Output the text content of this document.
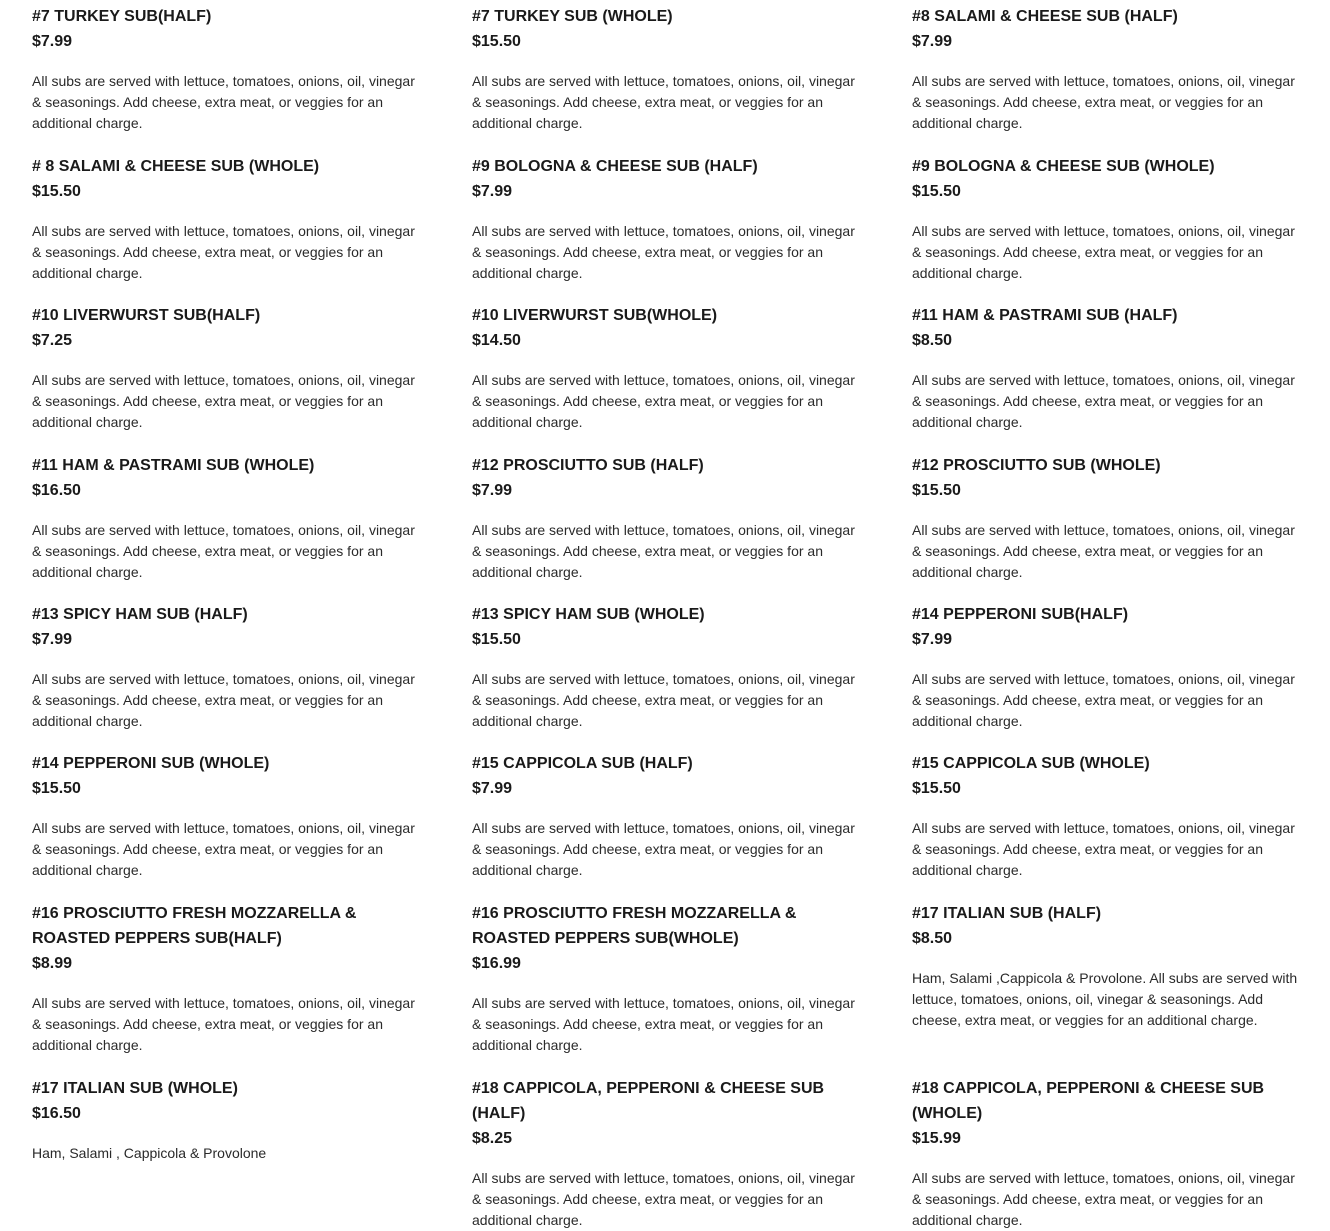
#7 TURKEY SUB(HALF)
$7.99
All subs are served with lettuce, tomatoes, onions, oil, vinegar & seasonings. Add cheese, extra meat, or veggies for an additional charge.
#7 TURKEY SUB (WHOLE)
$15.50
All subs are served with lettuce, tomatoes, onions, oil, vinegar & seasonings. Add cheese, extra meat, or veggies for an additional charge.
#8 SALAMI & CHEESE SUB (HALF)
$7.99
All subs are served with lettuce, tomatoes, onions, oil, vinegar & seasonings. Add cheese, extra meat, or veggies for an additional charge.
# 8 SALAMI & CHEESE SUB (WHOLE)
$15.50
All subs are served with lettuce, tomatoes, onions, oil, vinegar & seasonings. Add cheese, extra meat, or veggies for an additional charge.
#9 BOLOGNA & CHEESE SUB (HALF)
$7.99
All subs are served with lettuce, tomatoes, onions, oil, vinegar & seasonings. Add cheese, extra meat, or veggies for an additional charge.
#9 BOLOGNA & CHEESE SUB (WHOLE)
$15.50
All subs are served with lettuce, tomatoes, onions, oil, vinegar & seasonings. Add cheese, extra meat, or veggies for an additional charge.
#10 LIVERWURST SUB(HALF)
$7.25
All subs are served with lettuce, tomatoes, onions, oil, vinegar & seasonings. Add cheese, extra meat, or veggies for an additional charge.
#10 LIVERWURST SUB(WHOLE)
$14.50
All subs are served with lettuce, tomatoes, onions, oil, vinegar & seasonings. Add cheese, extra meat, or veggies for an additional charge.
#11 HAM & PASTRAMI SUB (HALF)
$8.50
All subs are served with lettuce, tomatoes, onions, oil, vinegar & seasonings. Add cheese, extra meat, or veggies for an additional charge.
#11 HAM & PASTRAMI SUB (WHOLE)
$16.50
All subs are served with lettuce, tomatoes, onions, oil, vinegar & seasonings. Add cheese, extra meat, or veggies for an additional charge.
#12 PROSCIUTTO SUB (HALF)
$7.99
All subs are served with lettuce, tomatoes, onions, oil, vinegar & seasonings. Add cheese, extra meat, or veggies for an additional charge.
#12 PROSCIUTTO SUB (WHOLE)
$15.50
All subs are served with lettuce, tomatoes, onions, oil, vinegar & seasonings. Add cheese, extra meat, or veggies for an additional charge.
#13 SPICY HAM SUB (HALF)
$7.99
All subs are served with lettuce, tomatoes, onions, oil, vinegar & seasonings. Add cheese, extra meat, or veggies for an additional charge.
#13 SPICY HAM SUB (WHOLE)
$15.50
All subs are served with lettuce, tomatoes, onions, oil, vinegar & seasonings. Add cheese, extra meat, or veggies for an additional charge.
#14 PEPPERONI SUB(HALF)
$7.99
All subs are served with lettuce, tomatoes, onions, oil, vinegar & seasonings. Add cheese, extra meat, or veggies for an additional charge.
#14 PEPPERONI SUB (WHOLE)
$15.50
All subs are served with lettuce, tomatoes, onions, oil, vinegar & seasonings. Add cheese, extra meat, or veggies for an additional charge.
#15 CAPPICOLA SUB (HALF)
$7.99
All subs are served with lettuce, tomatoes, onions, oil, vinegar & seasonings. Add cheese, extra meat, or veggies for an additional charge.
#15 CAPPICOLA SUB (WHOLE)
$15.50
All subs are served with lettuce, tomatoes, onions, oil, vinegar & seasonings. Add cheese, extra meat, or veggies for an additional charge.
#16 PROSCIUTTO FRESH MOZZARELLA & ROASTED PEPPERS SUB(HALF)
$8.99
All subs are served with lettuce, tomatoes, onions, oil, vinegar & seasonings. Add cheese, extra meat, or veggies for an additional charge.
#16 PROSCIUTTO FRESH MOZZARELLA & ROASTED PEPPERS SUB(WHOLE)
$16.99
All subs are served with lettuce, tomatoes, onions, oil, vinegar & seasonings. Add cheese, extra meat, or veggies for an additional charge.
#17 ITALIAN SUB (HALF)
$8.50
Ham, Salami ,Cappicola & Provolone. All subs are served with lettuce, tomatoes, onions, oil, vinegar & seasonings. Add cheese, extra meat, or veggies for an additional charge.
#17 ITALIAN SUB (WHOLE)
$16.50
Ham, Salami , Cappicola & Provolone
#18 CAPPICOLA, PEPPERONI & CHEESE SUB (HALF)
$8.25
All subs are served with lettuce, tomatoes, onions, oil, vinegar & seasonings. Add cheese, extra meat, or veggies for an additional charge.
#18 CAPPICOLA, PEPPERONI & CHEESE SUB (WHOLE)
$15.99
All subs are served with lettuce, tomatoes, onions, oil, vinegar & seasonings. Add cheese, extra meat, or veggies for an additional charge.
